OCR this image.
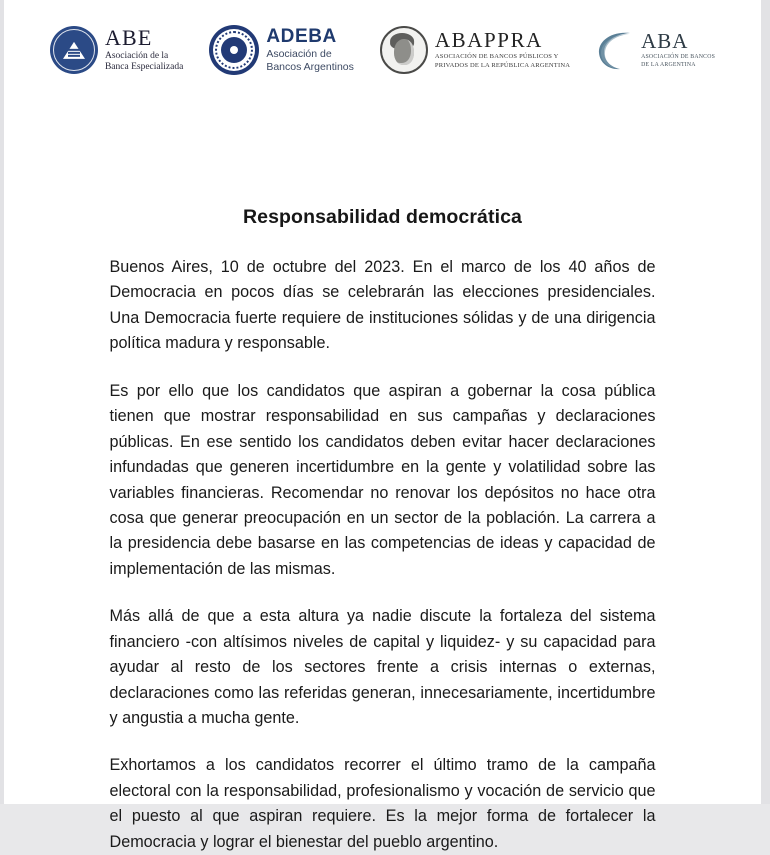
ABE
Asociación de la
Banca Especializada
ADEBA
Asociación de
Bancos Argentinos
ABAPPRA
ASOCIACIÓN DE BANCOS PÚBLICOS Y
PRIVADOS DE LA REPÚBLICA ARGENTINA
ABA
ASOCIACIÓN DE BANCOS
DE LA ARGENTINA
Responsabilidad democrática

Buenos Aires, 10 de octubre del 2023. En el marco de los 40 años de Democracia en pocos días se celebrarán las elecciones presidenciales. Una Democracia fuerte requiere de instituciones sólidas y de una dirigencia política madura y responsable.

Es por ello que los candidatos que aspiran a gobernar la cosa pública tienen que mostrar responsabilidad en sus campañas y declaraciones públicas. En ese sentido los candidatos deben evitar hacer declaraciones infundadas que generen incertidumbre en la gente y volatilidad sobre las variables financieras. Recomendar no renovar los depósitos no hace otra cosa que generar preocupación en un sector de la población. La carrera a la presidencia debe basarse en las competencias de ideas y capacidad de implementación de las mismas.

Más allá de que a esta altura ya nadie discute la fortaleza del sistema financiero -con altísimos niveles de capital y liquidez- y su capacidad para ayudar al resto de los sectores frente a crisis internas o externas, declaraciones como las referidas generan, innecesariamente, incertidumbre y angustia a mucha gente.

Exhortamos a los candidatos recorrer el último tramo de la campaña electoral con la responsabilidad, profesionalismo y vocación de servicio que el puesto al que aspiran requiere. Es la mejor forma de fortalecer la Democracia y lograr el bienestar del pueblo argentino.
